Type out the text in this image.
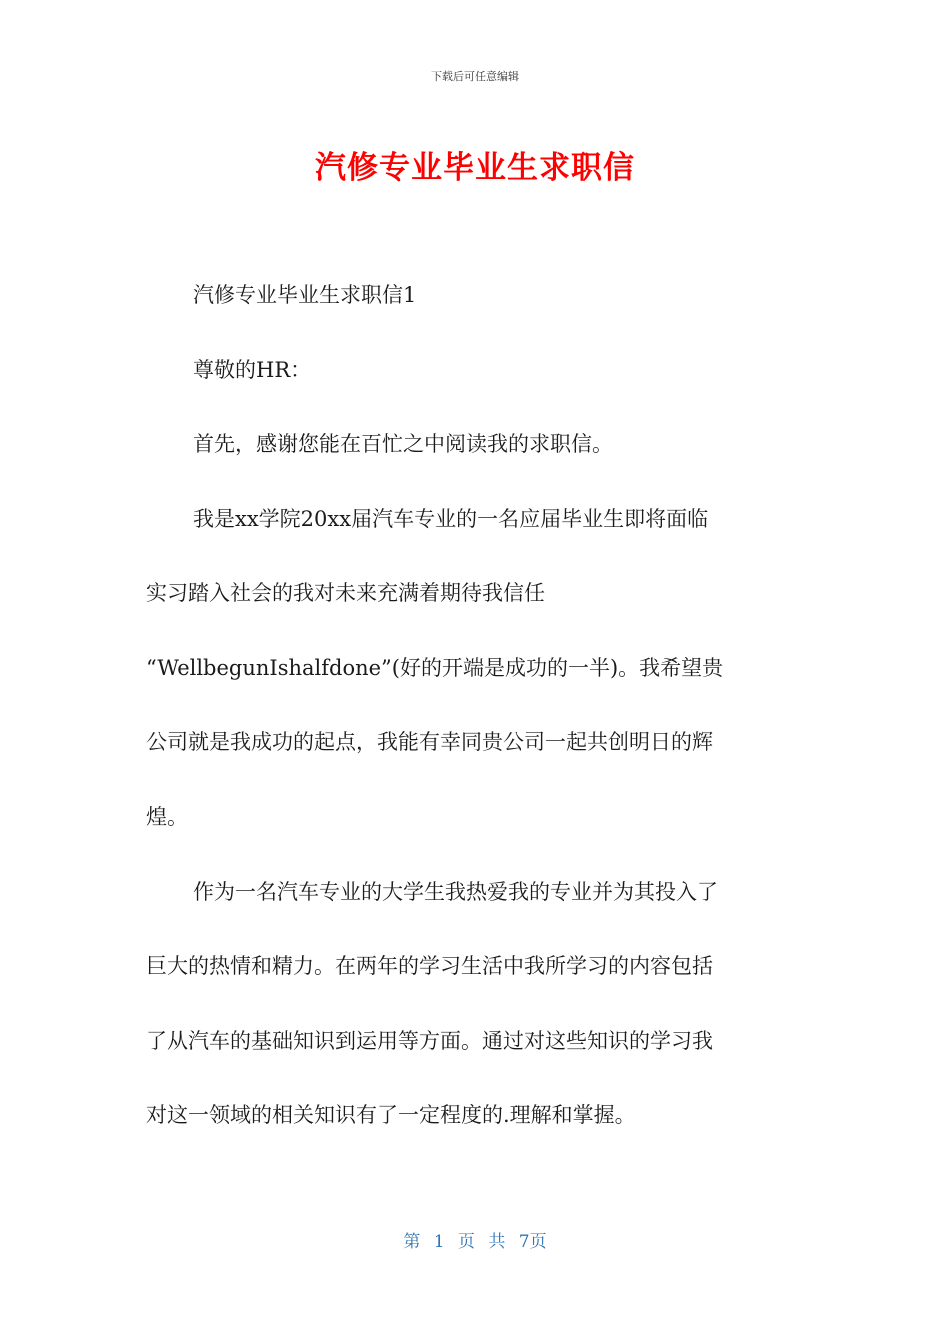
下载后可任意编辑
汽修专业毕业生求职信
汽修专业毕业生求职信1
尊敬的HR：
首先，感谢您能在百忙之中阅读我的求职信。
我是xx学院20xx届汽车专业的一名应届毕业生即将面临
实习踏入社会的我对未来充满着期待我信任
“WellbegunIshalfdone”(好的开端是成功的一半)。我希望贵
公司就是我成功的起点，我能有幸同贵公司一起共创明日的辉
煌。
作为一名汽车专业的大学生我热爱我的专业并为其投入了
巨大的热情和精力。在两年的学习生活中我所学习的内容包括
了从汽车的基础知识到运用等方面。通过对这些知识的学习我
对这一领域的相关知识有了一定程度的.理解和掌握。
第 1 页 共 7页
